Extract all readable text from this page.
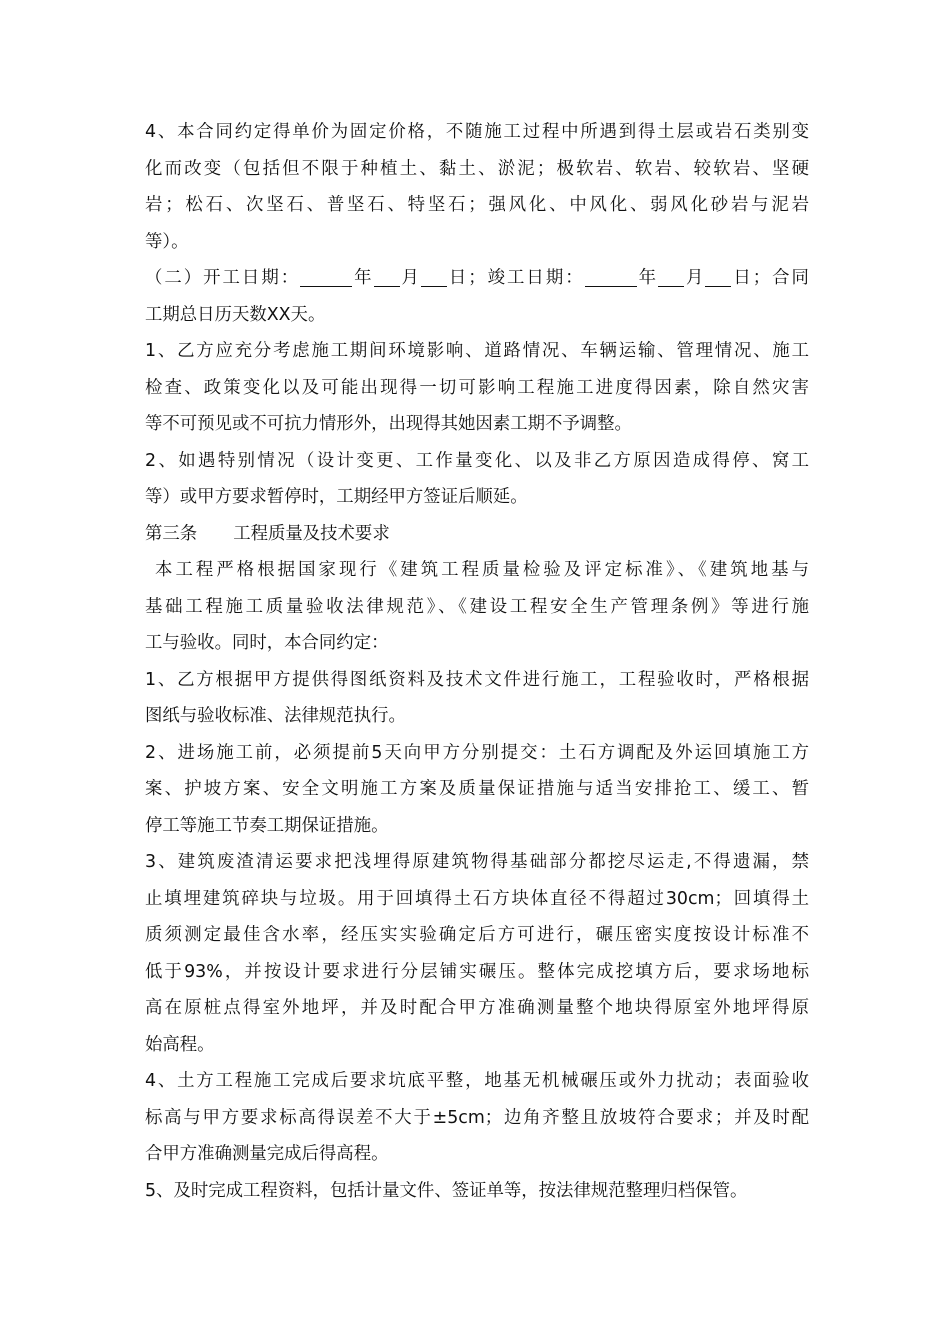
4、本合同约定得单价为固定价格，不随施工过程中所遇到得土层或岩石类别变
化而改变（包括但不限于种植土、黏土、淤泥；极软岩、软岩、较软岩、坚硬
岩；松石、次坚石、普坚石、特坚石；强风化、中风化、弱风化砂岩与泥岩
等）。
（二）开工日期：	年 月 日；竣工日期：	年 月 日；合同
工期总日历天数XX天。
1、乙方应充分考虑施工期间环境影响、道路情况、车辆运输、管理情况、施工
检查、政策变化以及可能出现得一切可影响工程施工进度得因素，除自然灾害
等不可预见或不可抗力情形外，出现得其她因素工期不予调整。
2、如遇特别情况（设计变更、工作量变化、以及非乙方原因造成得停、窝工
等）或甲方要求暂停时，工期经甲方签证后顺延。
第三条 工程质量及技术要求
本工程严格根据国家现行《建筑工程质量检验及评定标准》、《建筑地基与
基础工程施工质量验收法律规范》、《建设工程安全生产管理条例》等进行施
工与验收。同时，本合同约定：
1、乙方根据甲方提供得图纸资料及技术文件进行施工，工程验收时，严格根据
图纸与验收标准、法律规范执行。
2、进场施工前，必须提前5天向甲方分别提交：土石方调配及外运回填施工方
案、护坡方案、安全文明施工方案及质量保证措施与适当安排抢工、缓工、暂
停工等施工节奏工期保证措施。
3、建筑废渣清运要求把浅埋得原建筑物得基础部分都挖尽运走,不得遗漏，禁
止填埋建筑碎块与垃圾。用于回填得土石方块体直径不得超过30cm；回填得土
质须测定最佳含水率，经压实实验确定后方可进行，碾压密实度按设计标准不
低于93%，并按设计要求进行分层铺实碾压。整体完成挖填方后，要求场地标
高在原桩点得室外地坪，并及时配合甲方准确测量整个地块得原室外地坪得原
始高程。
4、土方工程施工完成后要求坑底平整，地基无机械碾压或外力扰动；表面验收
标高与甲方要求标高得误差不大于±5cm；边角齐整且放坡符合要求；并及时配
合甲方准确测量完成后得高程。
5、及时完成工程资料，包括计量文件、签证单等，按法律规范整理归档保管。
